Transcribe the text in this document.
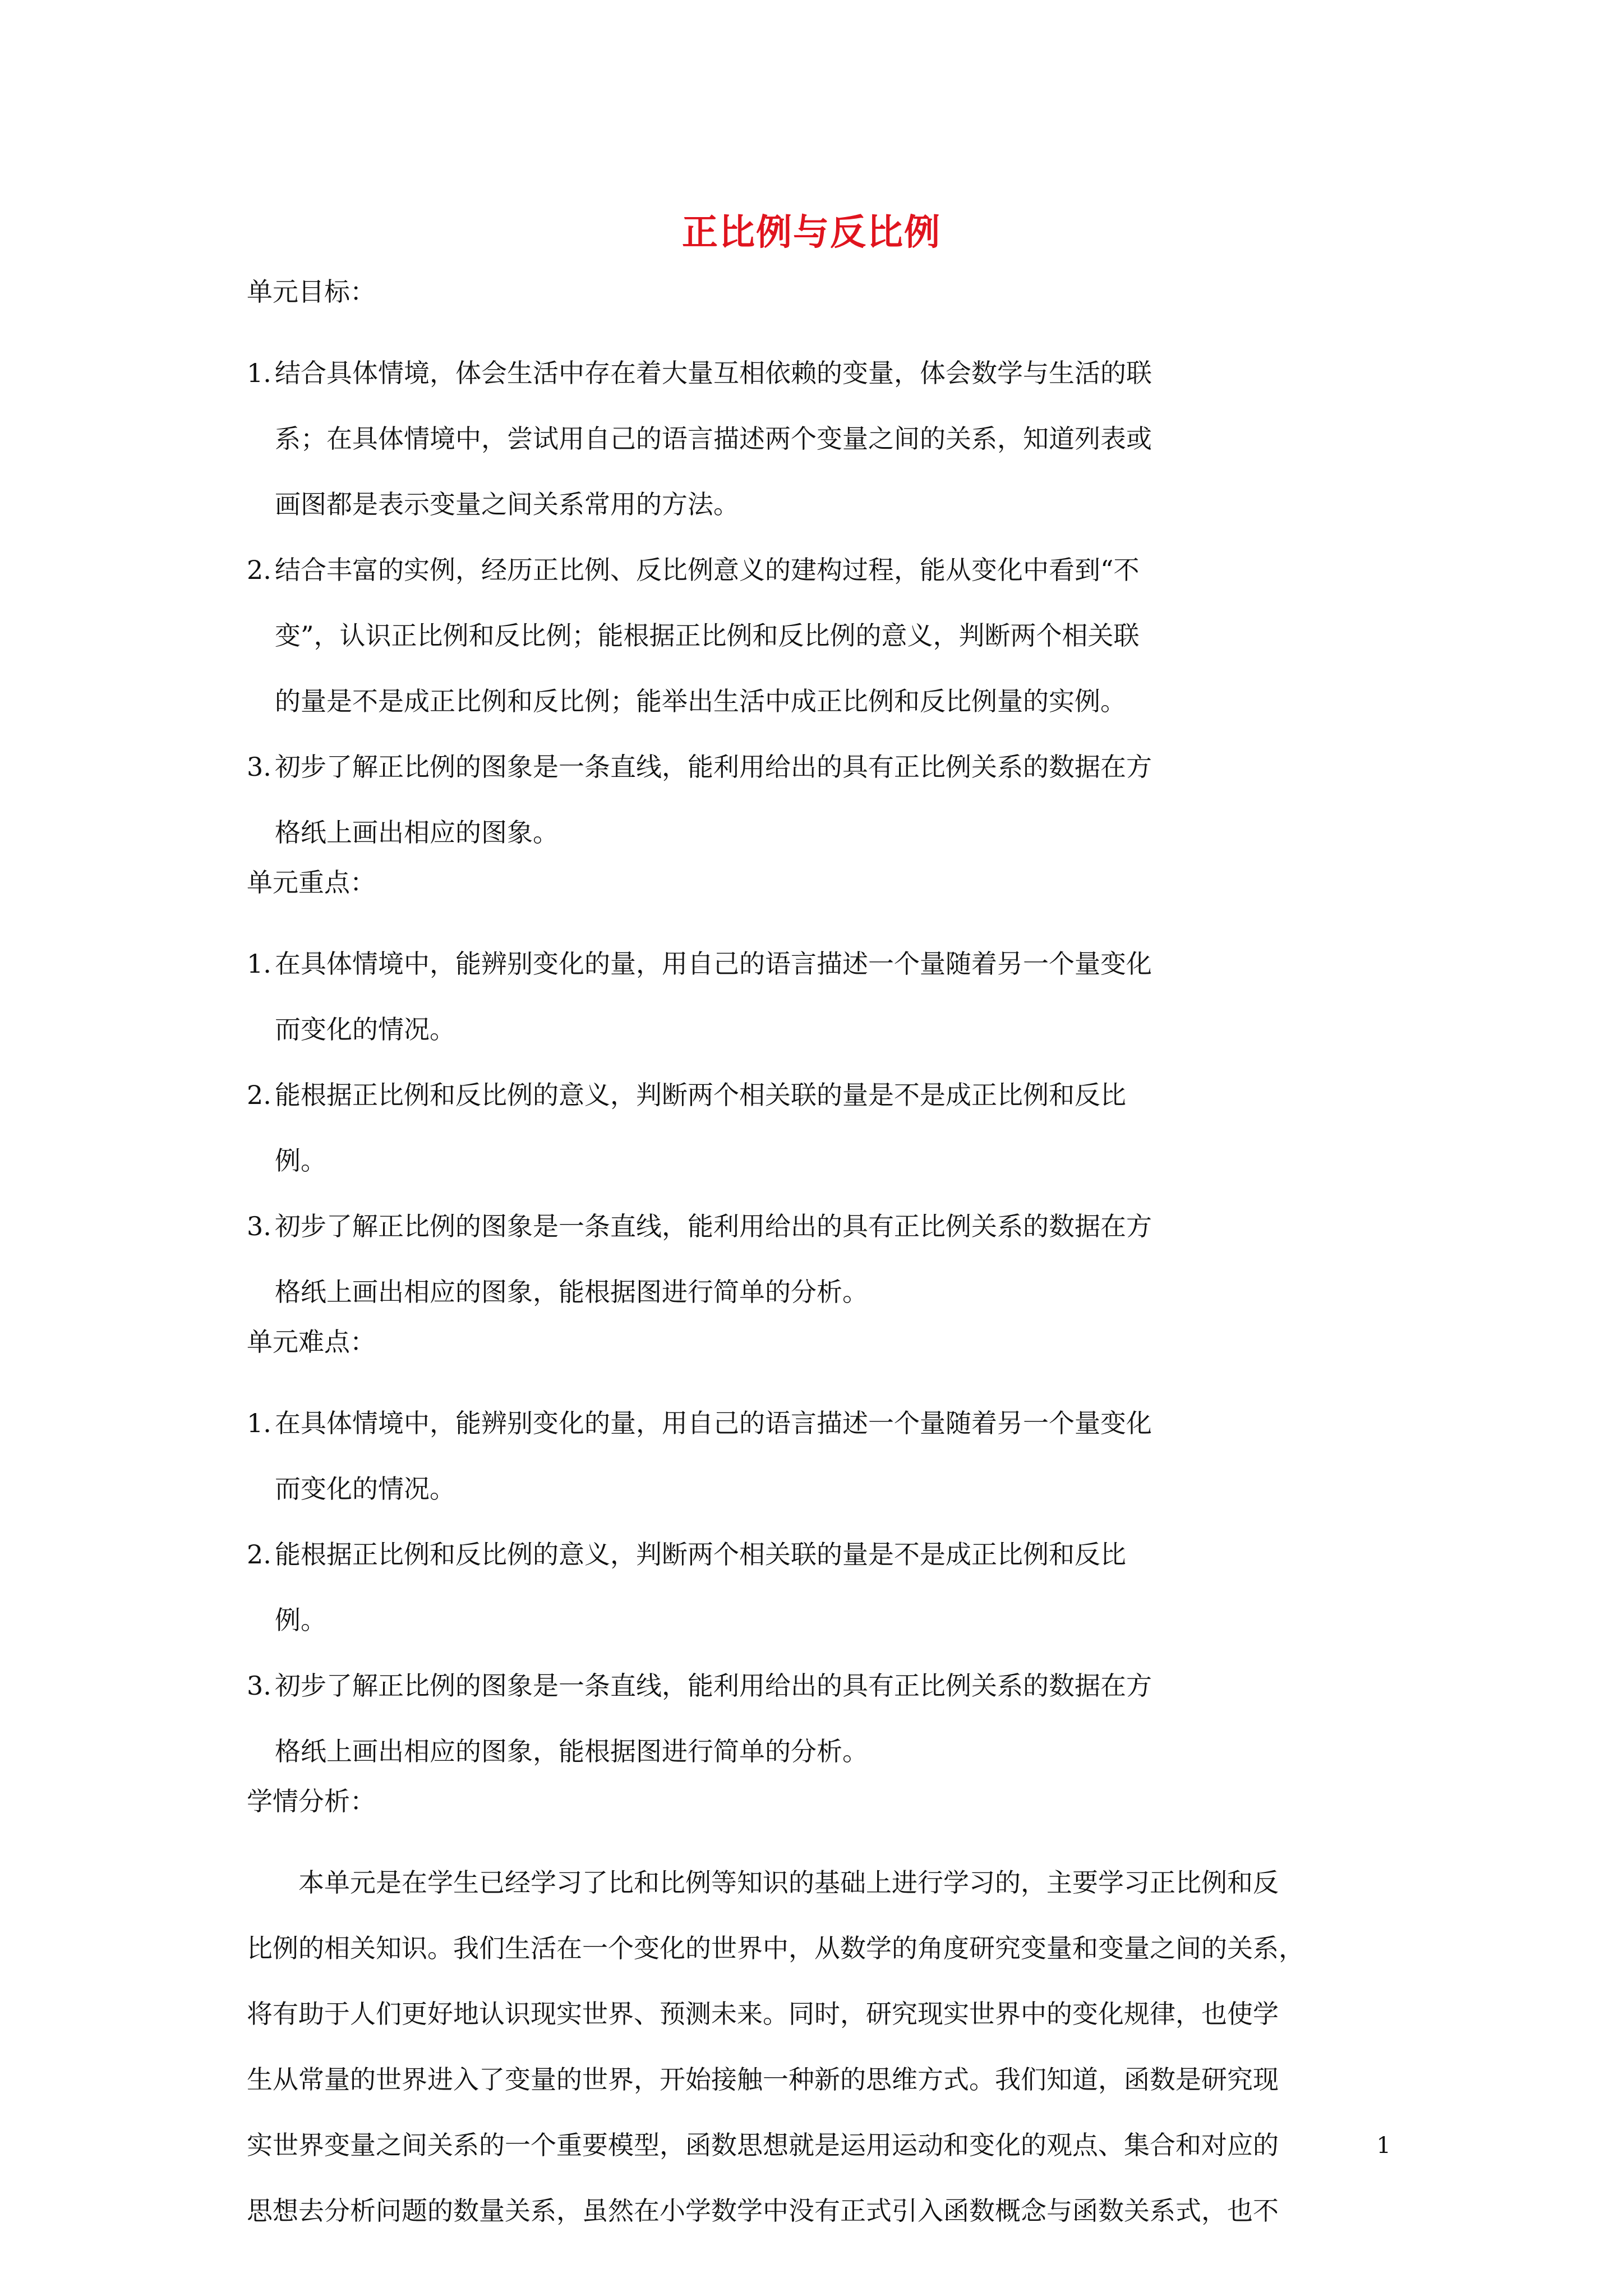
正比例与反比例
单元目标：
1. 结合具体情境，体会生活中存在着大量互相依赖的变量，体会数学与生活的联
系；在具体情境中，尝试用自己的语言描述两个变量之间的关系，知道列表或
画图都是表示变量之间关系常用的方法。
2. 结合丰富的实例，经历正比例、反比例意义的建构过程，能从变化中看到“不
变”，认识正比例和反比例；能根据正比例和反比例的意义，判断两个相关联
的量是不是成正比例和反比例；能举出生活中成正比例和反比例量的实例。
3. 初步了解正比例的图象是一条直线，能利用给出的具有正比例关系的数据在方
格纸上画出相应的图象。
单元重点：
1. 在具体情境中，能辨别变化的量，用自己的语言描述一个量随着另一个量变化
而变化的情况。
2. 能根据正比例和反比例的意义，判断两个相关联的量是不是成正比例和反比
例。
3. 初步了解正比例的图象是一条直线，能利用给出的具有正比例关系的数据在方
格纸上画出相应的图象，能根据图进行简单的分析。
单元难点：
1. 在具体情境中，能辨别变化的量，用自己的语言描述一个量随着另一个量变化
而变化的情况。
2. 能根据正比例和反比例的意义，判断两个相关联的量是不是成正比例和反比
例。
3. 初步了解正比例的图象是一条直线，能利用给出的具有正比例关系的数据在方
格纸上画出相应的图象，能根据图进行简单的分析。
学情分析：
本单元是在学生已经学习了比和比例等知识的基础上进行学习的，主要学习正比例和反
比例的相关知识。我们生活在一个变化的世界中，从数学的角度研究变量和变量之间的关系，
将有助于人们更好地认识现实世界、预测未来。同时，研究现实世界中的变化规律，也使学
生从常量的世界进入了变量的世界，开始接触一种新的思维方式。我们知道，函数是研究现
实世界变量之间关系的一个重要模型，函数思想就是运用运动和变化的观点、集合和对应的
思想去分析问题的数量关系，虽然在小学数学中没有正式引入函数概念与函数关系式，也不
1
